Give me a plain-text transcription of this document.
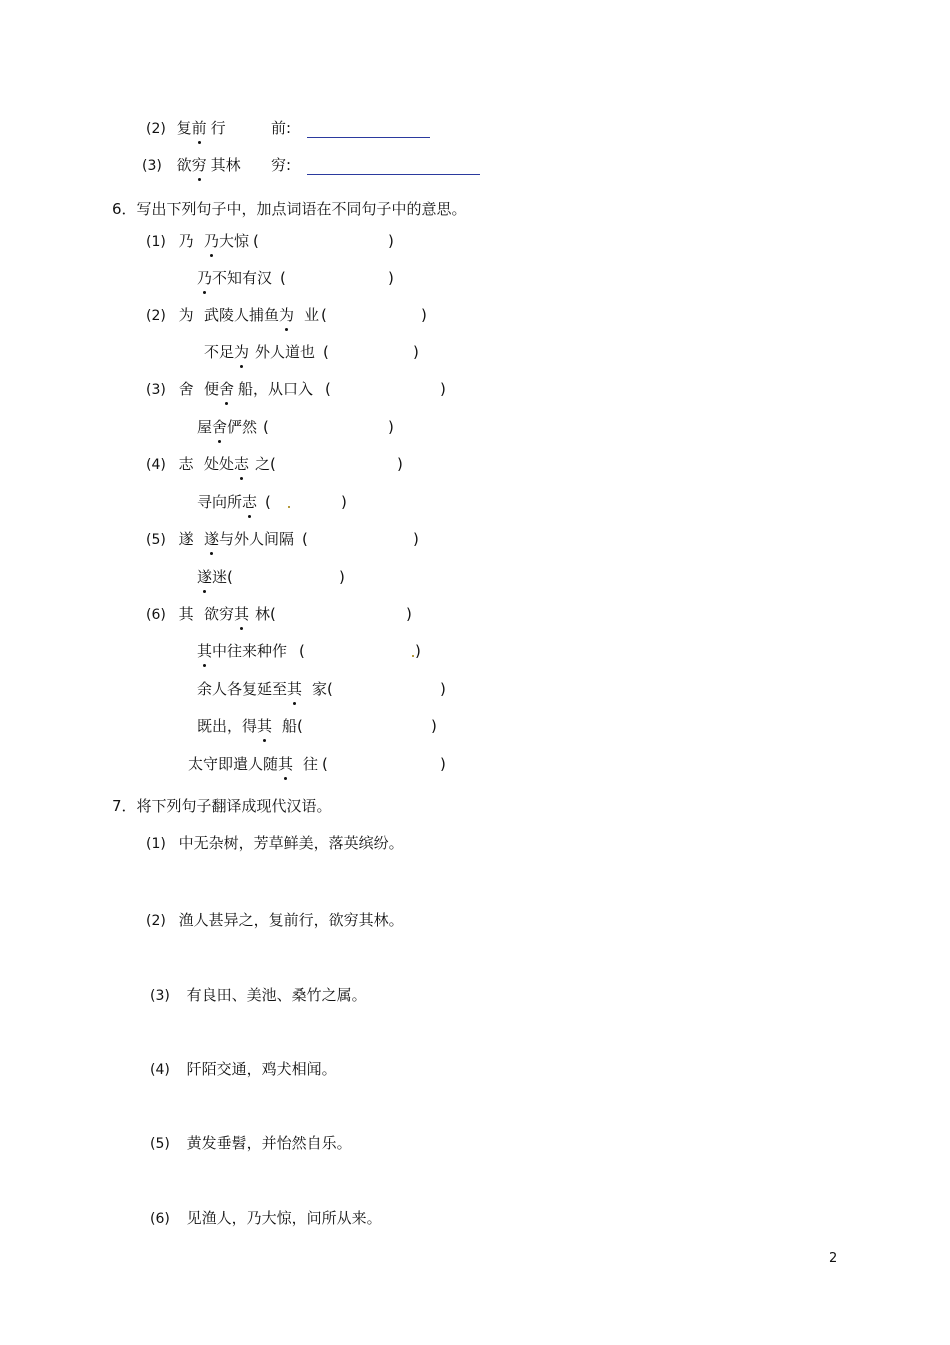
(2) 复前 行	前:
(3) 欲穷 其林 穷:
6．写出下列句子中，加点词语在不同句子中的意思。
(1) 乃 乃大惊 (	)
乃不知有汉 (	)
(2) 为 武陵人捕鱼为 业 (	)
不足为 外人道也 (	)
(3) 舍 便舍 船，从口入 (	)
屋舍俨然 (	)
(4) 志 处处志 之(	)
寻向所志 (	)
(5) 遂 遂与外人间隔 (	)
遂迷(	)
(6) 其 欲穷其 林(	)
其中往来种作 (	)
余人各复延至其 家(	)
既出，得其 船(	)
太守即遣人随其 往 (	)
7．将下列句子翻译成现代汉语。
(1) 中无杂树，芳草鲜美，落英缤纷。
(2) 渔人甚异之，复前行，欲穷其林。
(3) 有良田、美池、桑竹之属。
(4) 阡陌交通，鸡犬相闻。
(5) 黄发垂髫，并怡然自乐。
(6) 见渔人，乃大惊，问所从来。
2
